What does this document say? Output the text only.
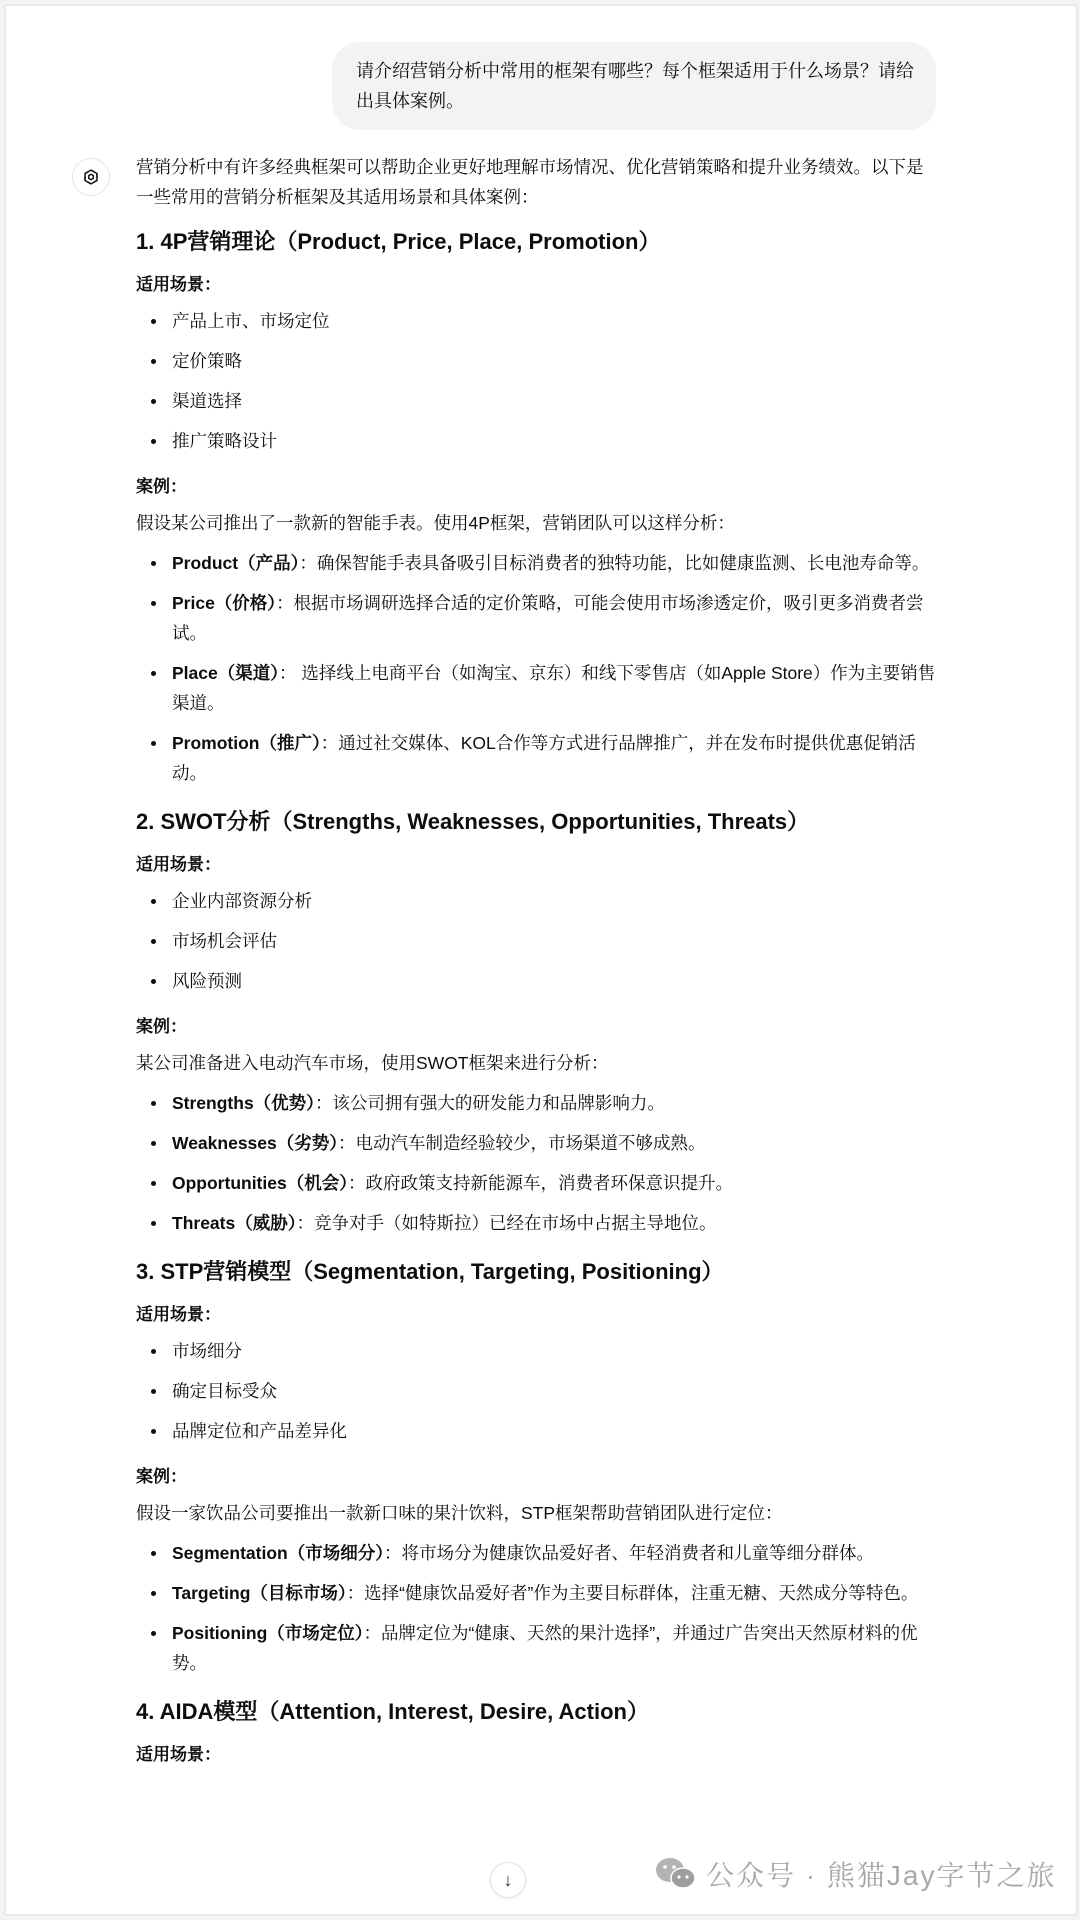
请介绍营销分析中常用的框架有哪些？每个框架适用于什么场景？请给出具体案例。

营销分析中有许多经典框架可以帮助企业更好地理解市场情况、优化营销策略和提升业务绩效。以下是一些常用的营销分析框架及其适用场景和具体案例：

1. 4P营销理论（Product, Price, Place, Promotion）

适用场景：

产品上市、市场定位
定价策略
渠道选择
推广策略设计

案例：

假设某公司推出了一款新的智能手表。使用4P框架，营销团队可以这样分析：

Product（产品）：确保智能手表具备吸引目标消费者的独特功能，比如健康监测、长电池寿命等。
Price（价格）：根据市场调研选择合适的定价策略，可能会使用市场渗透定价，吸引更多消费者尝试。
Place（渠道）： 选择线上电商平台（如淘宝、京东）和线下零售店（如Apple Store）作为主要销售渠道。
Promotion（推广）：通过社交媒体、KOL合作等方式进行品牌推广，并在发布时提供优惠促销活动。
2. SWOT分析（Strengths, Weaknesses, Opportunities, Threats）

适用场景：

企业内部资源分析
市场机会评估
风险预测

案例：

某公司准备进入电动汽车市场，使用SWOT框架来进行分析：

Strengths（优势）：该公司拥有强大的研发能力和品牌影响力。
Weaknesses（劣势）：电动汽车制造经验较少，市场渠道不够成熟。
Opportunities（机会）：政府政策支持新能源车，消费者环保意识提升。
Threats（威胁）：竞争对手（如特斯拉）已经在市场中占据主导地位。
3. STP营销模型（Segmentation, Targeting, Positioning）

适用场景：

市场细分
确定目标受众
品牌定位和产品差异化

案例：

假设一家饮品公司要推出一款新口味的果汁饮料，STP框架帮助营销团队进行定位：

Segmentation（市场细分）：将市场分为健康饮品爱好者、年轻消费者和儿童等细分群体。
Targeting（目标市场）：选择“健康饮品爱好者”作为主要目标群体，注重无糖、天然成分等特色。
Positioning（市场定位）：品牌定位为“健康、天然的果汁选择”，并通过广告突出天然原材料的优势。
4. AIDA模型（Attention, Interest, Desire, Action）

适用场景：

↓	公众号 · 熊猫Jay字节之旅
